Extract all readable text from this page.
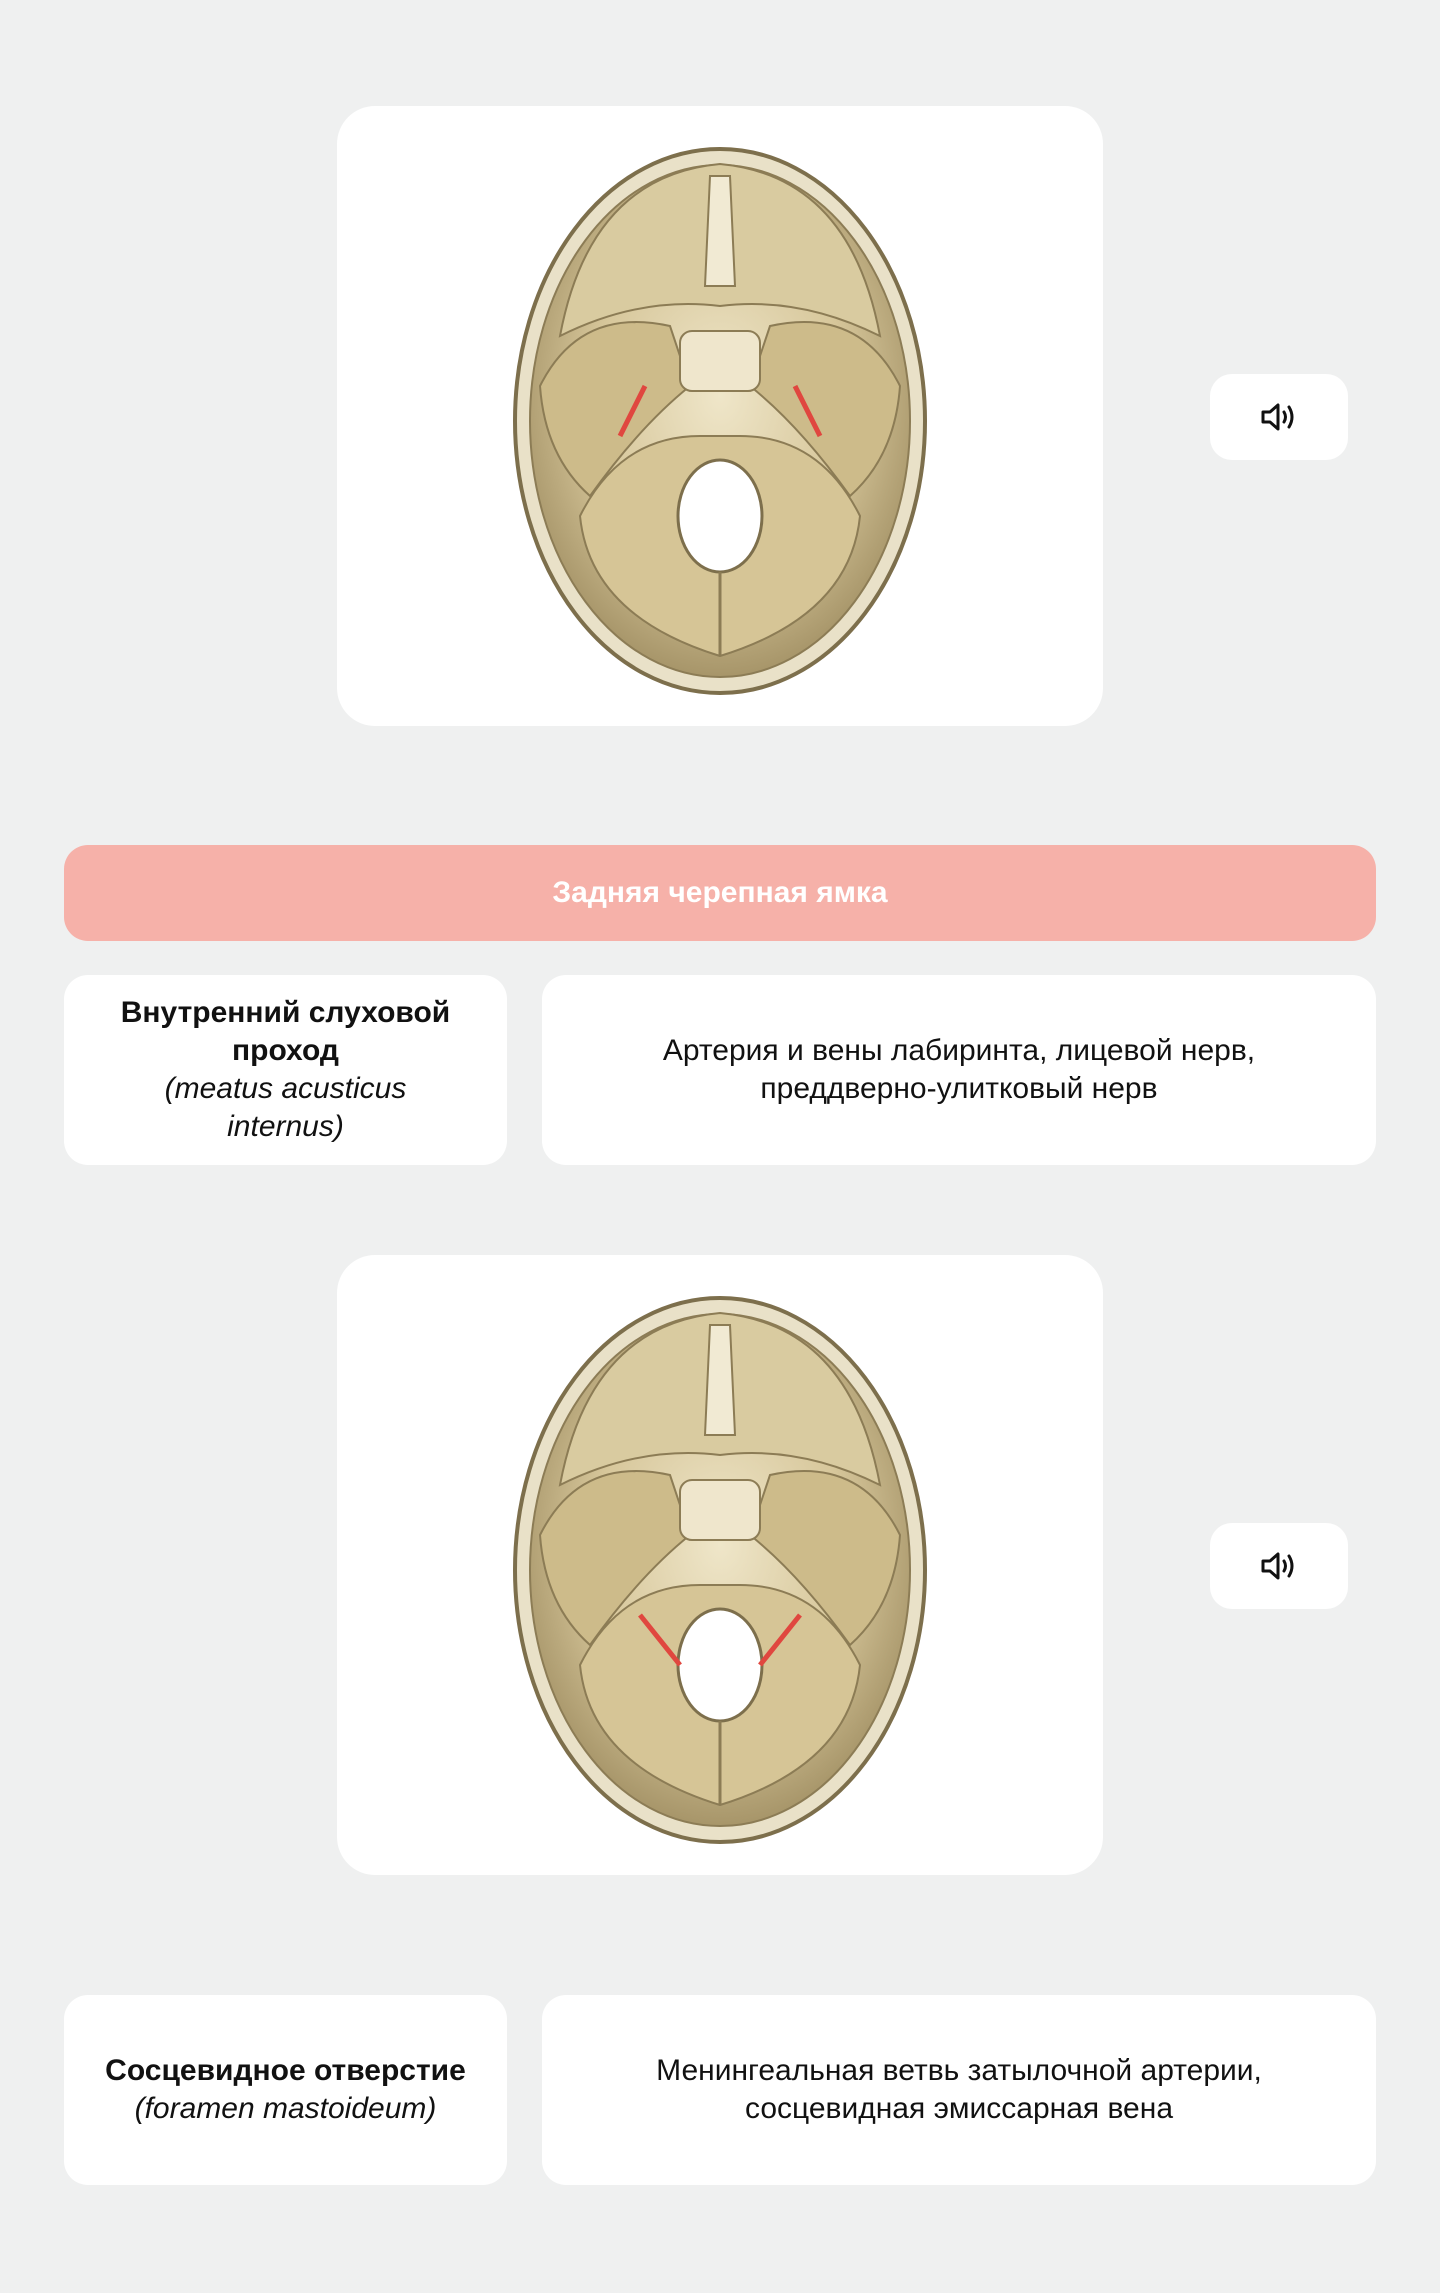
Задняя черепная ямка
Внутренний слуховой проход
(meatus acusticus internus)
Артерия и вены лабиринта, лицевой нерв, преддверно-улитковый нерв
Сосцевидное отверстие
(foramen mastoideum)
Менингеальная ветвь затылочной артерии, сосцевидная эмиссарная вена
